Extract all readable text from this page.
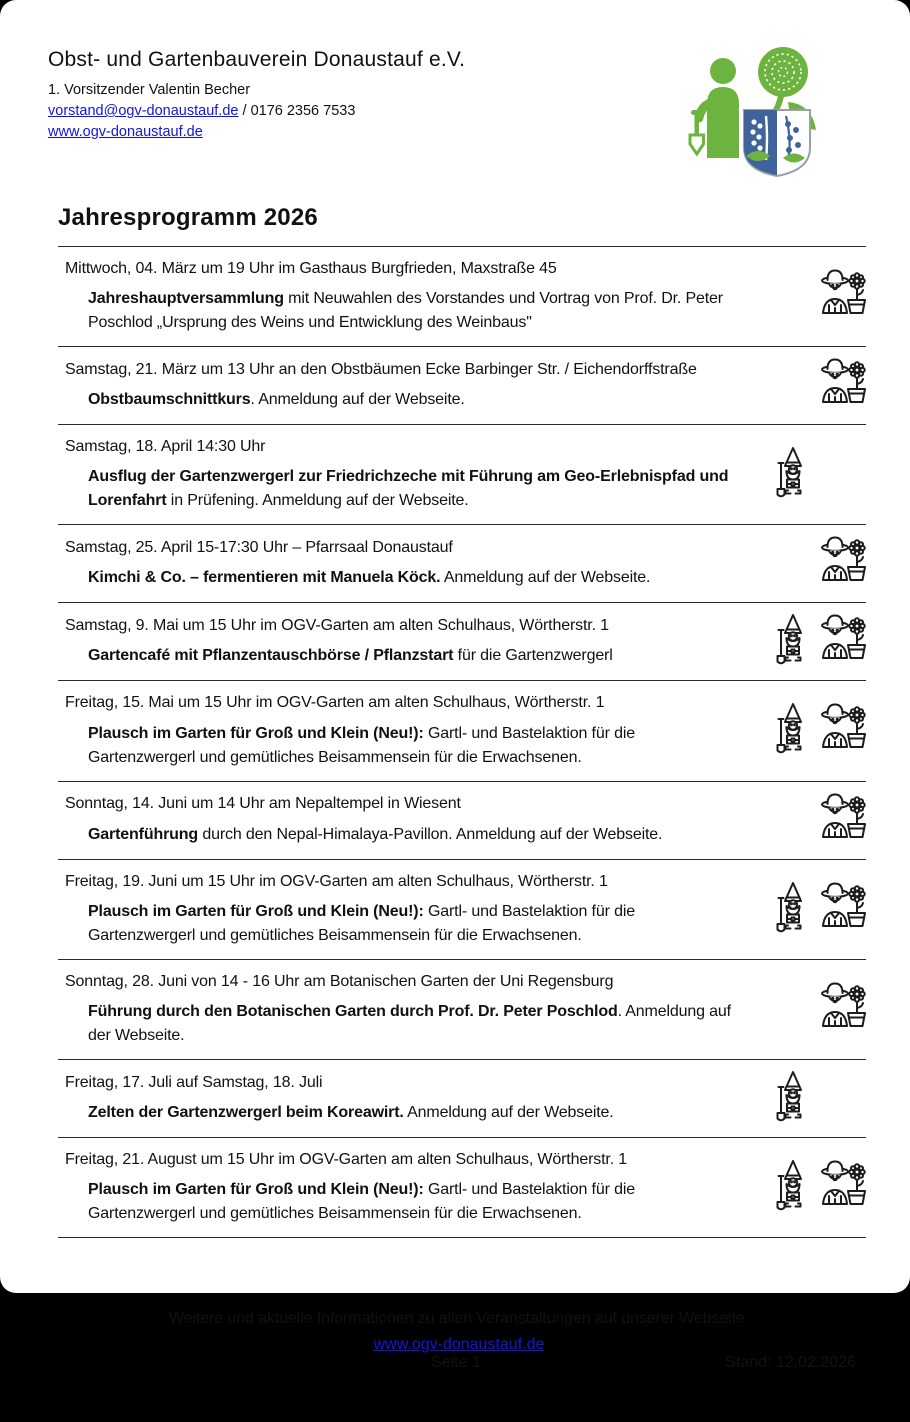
Obst- und Gartenbauverein Donaustauf e.V.

1. Vorsitzender Valentin Becher

vorstand@ogv-donaustauf.de / 0176 2356 7533

www.ogv-donaustauf.de

Jahresprogramm 2026
Mittwoch, 04. März um 19 Uhr im Gasthaus Burgfrieden, Maxstraße 45
Jahreshauptversammlung mit Neuwahlen des Vorstandes und Vortrag von Prof. Dr. Peter Poschlod „Ursprung des Weins und Entwicklung des Weinbaus"
Samstag, 21. März um 13 Uhr an den Obstbäumen Ecke Barbinger Str. / Eichendorffstraße
Obstbaumschnittkurs. Anmeldung auf der Webseite.
Samstag, 18. April 14:30 Uhr
Ausflug der Gartenzwergerl zur Friedrichzeche mit Führung am Geo-Erlebnispfad und Lorenfahrt in Prüfening. Anmeldung auf der Webseite.
Samstag, 25. April 15-17:30 Uhr – Pfarrsaal Donaustauf
Kimchi & Co. – fermentieren mit Manuela Köck. Anmeldung auf der Webseite.
Samstag, 9. Mai um 15 Uhr im OGV-Garten am alten Schulhaus, Wörtherstr. 1
Gartencafé mit Pflanzentauschbörse / Pflanzstart für die Gartenzwergerl
Freitag, 15. Mai um 15 Uhr im OGV-Garten am alten Schulhaus, Wörtherstr. 1
Plausch im Garten für Groß und Klein (Neu!): Gartl- und Bastelaktion für die Gartenzwergerl und gemütliches Beisammensein für die Erwachsenen.
Sonntag, 14. Juni um 14 Uhr am Nepaltempel in Wiesent
Gartenführung durch den Nepal-Himalaya-Pavillon. Anmeldung auf der Webseite.
Freitag, 19. Juni um 15 Uhr im OGV-Garten am alten Schulhaus, Wörtherstr. 1
Plausch im Garten für Groß und Klein (Neu!): Gartl- und Bastelaktion für die Gartenzwergerl und gemütliches Beisammensein für die Erwachsenen.
Sonntag, 28. Juni von 14 - 16 Uhr am Botanischen Garten der Uni Regensburg
Führung durch den Botanischen Garten durch Prof. Dr. Peter Poschlod. Anmeldung auf der Webseite.
Freitag, 17. Juli auf Samstag, 18. Juli
Zelten der Gartenzwergerl beim Koreawirt. Anmeldung auf der Webseite.
Freitag, 21. August um 15 Uhr im OGV-Garten am alten Schulhaus, Wörtherstr. 1
Plausch im Garten für Groß und Klein (Neu!): Gartl- und Bastelaktion für die Gartenzwergerl und gemütliches Beisammensein für die Erwachsenen.
Weitere und aktuelle Informationen zu allen Veranstaltungen auf unserer Webseite:
www.ogv-donaustauf.de
Seite 1	Stand: 12.02.2026
